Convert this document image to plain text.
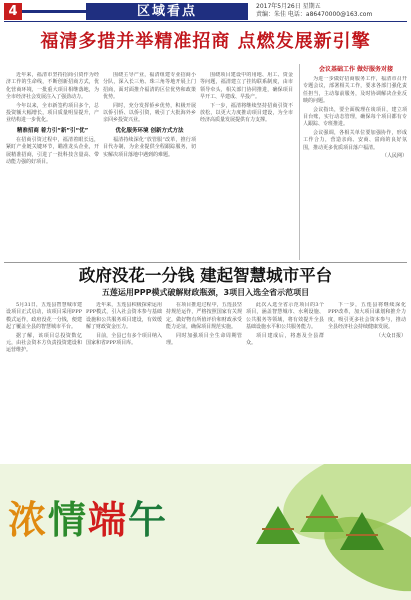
4	区域看点	2017年5月26日 星期五
责编：朱佳 电话：a86470000@163.com
福清多措并举精准招商 点燃发展新引擎

近年来，福清市坚持招商引资作为经济工作的生命线，不断创新招商方式，优化营商环境，一批重大项目相继落地，为全市经济社会发展注入了强劲动力。

今年以来，全市新签约项目多个，总投资额大幅增长，项目质量明显提升，产业结构进一步优化。

精准招商 着力引“新”引“优”

在招商引资过程中，福清着眼长远，紧盯产业链关键环节，瞄准龙头企业，开展精准招商，引进了一批科技含量高、带动能力强的好项目。

围绕主导产业，福清组建专业招商小分队，深入长三角、珠三角等地开展上门招商，面对面推介福清的区位优势和政策优势。

同时，充分发挥侨乡优势，积极开展以侨引侨、以侨引资，吸引了大批海外乡亲回乡投资兴业。

优化服务环境 创新方式方法

福清持续深化“放管服”改革，推行项目代办制，为企业提供全程跟踪服务，切实解决项目落地中遇到的难题。

围绕项目建设中的用地、用工、资金等问题，福清建立了挂钩联系制度，由市领导牵头，相关部门协同推进，确保项目早开工、早建成、早投产。

下一步，福清将继续坚持招商引资不放松，以更大力度推动项目建设，为全市经济高质量发展提供有力支撑。

会议基础工作 做好服务对接

为进一步做好招商服务工作，福清市召开专题会议，部署相关工作，要求各部门强化责任担当，主动靠前服务，及时协调解决企业反映的问题。

会议指出，要全面梳理在谈项目，建立项目台账，实行动态管理，确保每个项目都有专人跟踪、专班推进。

会议强调，各相关单位要加强协作，形成工作合力，营造亲商、安商、富商的良好氛围，推动更多优质项目落户福清。

（人民网）
政府没花一分钱 建起智慧城市平台
五莲运用PPP模式破解财政瓶颈，3项目入选全省示范项目

5月31日，五莲县智慧城市建设项目正式启动，该项目采用PPP模式运作，政府没花一分钱，便建起了覆盖全县的智慧城市平台。

据了解，该项目总投资数亿元，由社会资本方负责投资建设和运营维护。

近年来，五莲县积极探索运用PPP模式，引入社会资本参与基础设施和公共服务项目建设，有效缓解了财政资金压力。

目前，全县已有多个项目纳入国家和省PPP项目库。

在项目推进过程中，五莲县坚持规范运作，严格按照国家有关规定，做好物有所值评价和财政承受能力论证，确保项目规范实施。

同时加强项目全生命周期管理。

此次入选全省示范项目的3个项目，涵盖智慧城市、水利设施、公共服务等领域，将有效提升全县基础设施水平和公共服务能力。

项目建成后，将惠及全县群众。

下一步，五莲县将继续深化PPP改革，加大项目谋划和推介力度，吸引更多社会资本参与，推动全县经济社会持续健康发展。

（大众日报）
浓情端午
